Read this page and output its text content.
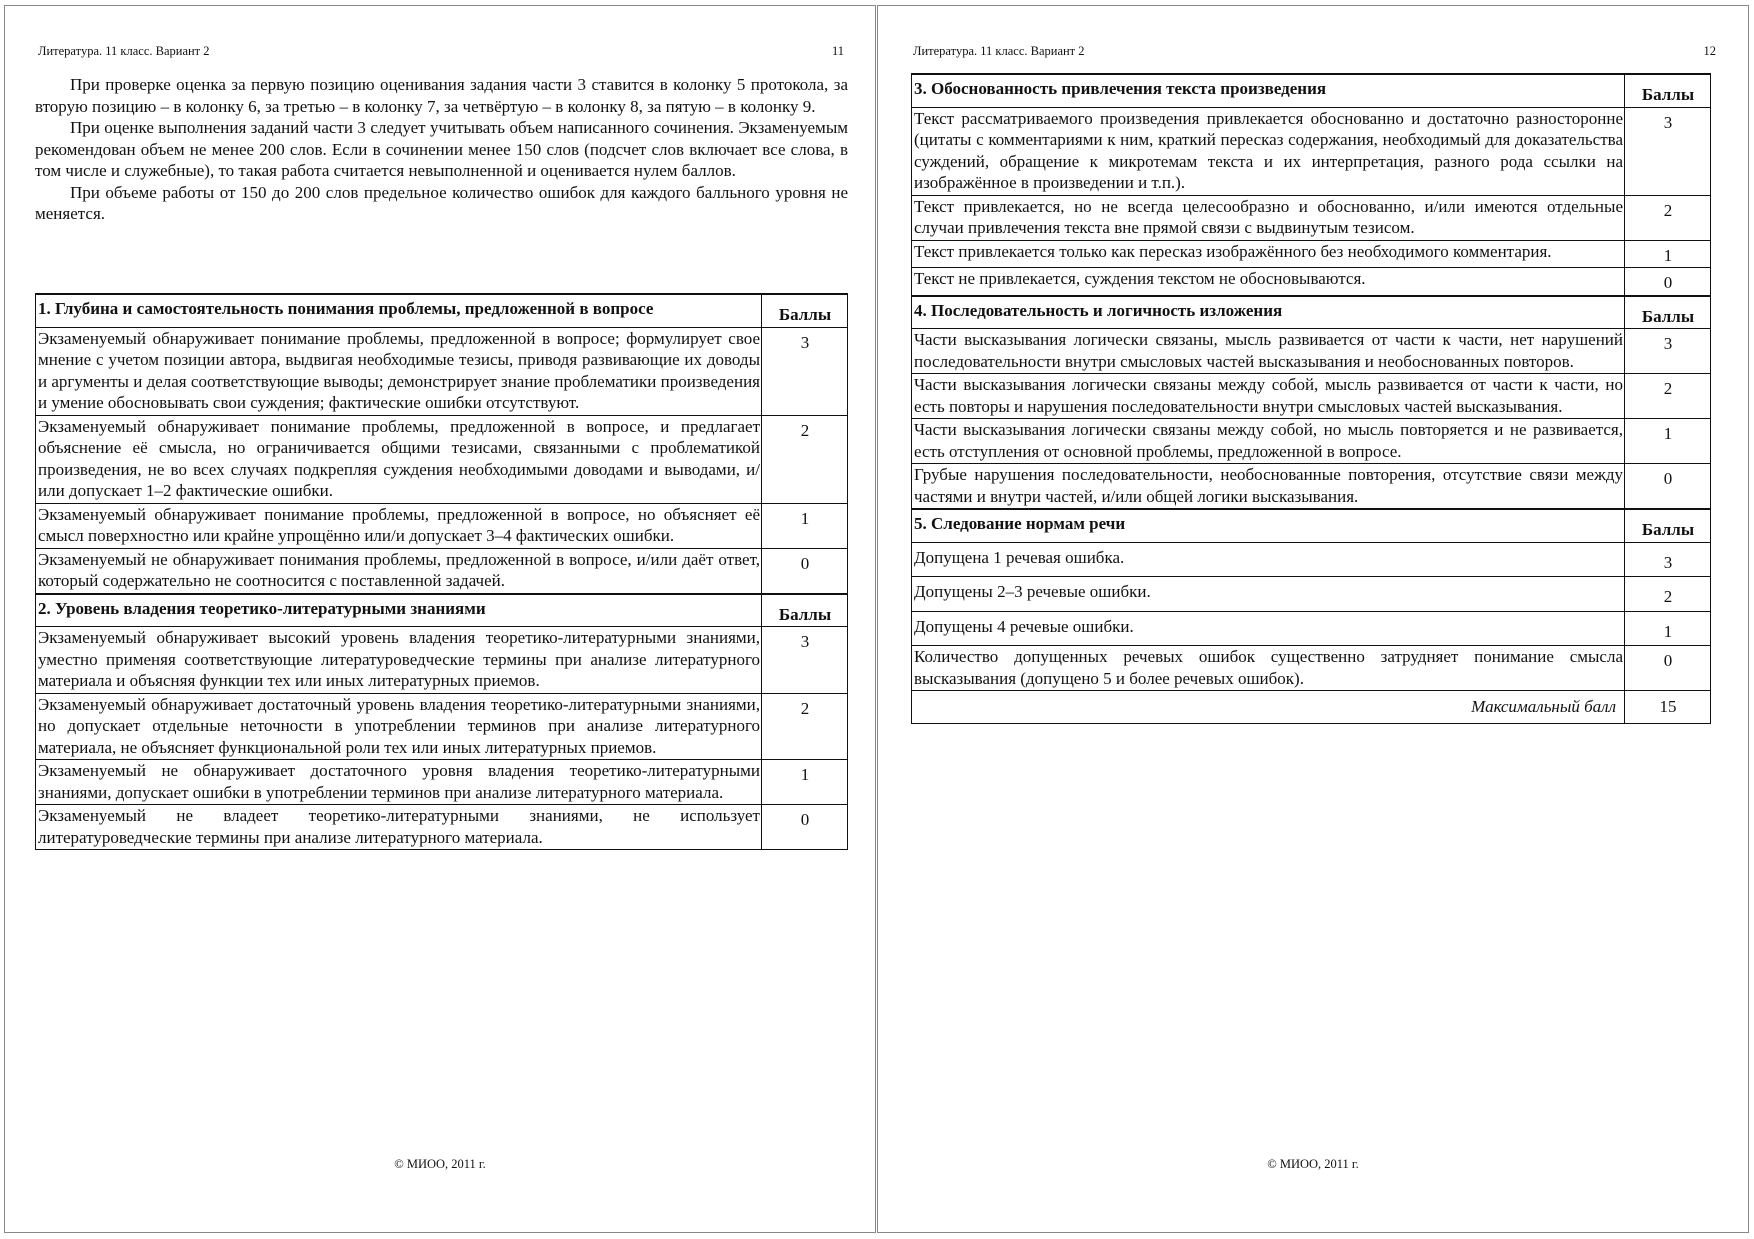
Литература. 11 класс. Вариант 2	11

При проверке оценка за первую позицию оценивания задания части 3 ставится в колонку 5 протокола, за вторую позицию – в колонку 6, за третью – в колонку 7, за четвёртую – в колонку 8, за пятую – в колонку 9.

При оценке выполнения заданий части 3 следует учитывать объем написанного сочинения. Экзаменуемым рекомендован объем не менее 200 слов. Если в сочинении менее 150 слов (подсчет слов включает все слова, в том числе и служебные), то такая работа считается невыполненной и оценивается нулем баллов.

При объеме работы от 150 до 200 слов предельное количество ошибок для каждого балльного уровня не меняется.

1. Глубина и самостоятельность понимания проблемы, предложенной в вопросе	Баллы
Экзаменуемый обнаруживает понимание проблемы, предложенной в вопросе; формулирует свое мнение с учетом позиции автора, выдвигая необходимые тезисы, приводя развивающие их доводы и аргументы и делая соответствующие выводы; демонстрирует знание проблематики произведения и умение обосновывать свои суждения; фактические ошибки отсутствуют.	3
Экзаменуемый обнаруживает понимание проблемы, предложенной в вопросе, и предлагает объяснение её смысла, но ограничивается общими тезисами, связанными с проблематикой произведения, не во всех случаях подкрепляя суждения необходимыми доводами и выводами, и/или допускает 1–2 фактические ошибки.	2
Экзаменуемый обнаруживает понимание проблемы, предложенной в вопросе, но объясняет её смысл поверхностно или крайне упрощённо или/и допускает 3–4 фактических ошибки.	1
Экзаменуемый не обнаруживает понимания проблемы, предложенной в вопросе, и/или даёт ответ, который содержательно не соотносится с поставленной задачей.	0
2. Уровень владения теоретико-литературными знаниями	Баллы
Экзаменуемый обнаруживает высокий уровень владения теоретико-литературными знаниями, уместно применяя соответствующие литературоведческие термины при анализе литературного материала и объясняя функции тех или иных литературных приемов.	3
Экзаменуемый обнаруживает достаточный уровень владения теоретико-литературными знаниями, но допускает отдельные неточности в употреблении терминов при анализе литературного материала, не объясняет функциональной роли тех или иных литературных приемов.	2
Экзаменуемый не обнаруживает достаточного уровня владения теоретико-литературными знаниями, допускает ошибки в употреблении терминов при анализе литературного материала.	1
Экзаменуемый не владеет теоретико-литературными знаниями, не использует литературоведческие термины при анализе литературного материала.	0
© МИОО, 2011 г.
Литература. 11 класс. Вариант 2	12
3. Обоснованность привлечения текста произведения	Баллы
Текст рассматриваемого произведения привлекается обоснованно и достаточно разносторонне (цитаты с комментариями к ним, краткий пересказ содержания, необходимый для доказательства суждений, обращение к микротемам текста и их интерпретация, разного рода ссылки на изображённое в произведении и т.п.).	3
Текст привлекается, но не всегда целесообразно и обоснованно, и/или имеются отдельные случаи привлечения текста вне прямой связи с выдвинутым тезисом.	2
Текст привлекается только как пересказ изображённого без необходимого комментария.	1
Текст не привлекается, суждения текстом не обосновываются.	0
4. Последовательность и логичность изложения	Баллы
Части высказывания логически связаны, мысль развивается от части к части, нет нарушений последовательности внутри смысловых частей высказывания и необоснованных повторов.	3
Части высказывания логически связаны между собой, мысль развивается от части к части, но есть повторы и нарушения последовательности внутри смысловых частей высказывания.	2
Части высказывания логически связаны между собой, но мысль повторяется и не развивается, есть отступления от основной проблемы, предложенной в вопросе.	1
Грубые нарушения последовательности, необоснованные повторения, отсутствие связи между частями и внутри частей, и/или общей логики высказывания.	0
5. Следование нормам речи	Баллы
Допущена 1 речевая ошибка.	3
Допущены 2–3 речевые ошибки.	2
Допущены 4 речевые ошибки.	1
Количество допущенных речевых ошибок существенно затрудняет понимание смысла высказывания (допущено 5 и более речевых ошибок).	0
Максимальный балл	15
© МИОО, 2011 г.
